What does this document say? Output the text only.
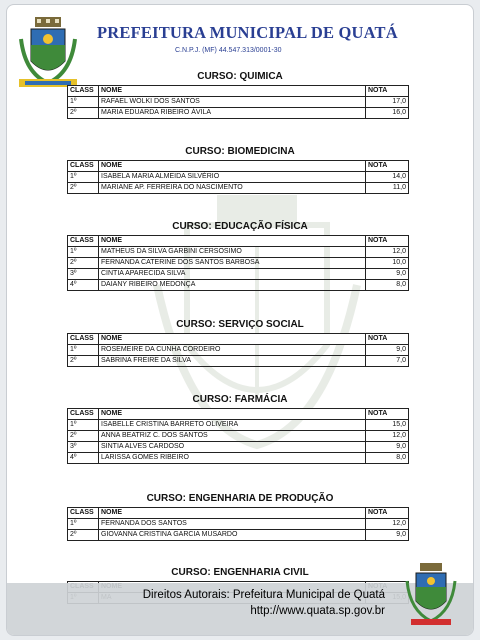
PREFEITURA MUNICIPAL DE QUATÁ
C.N.P.J. (MF) 44.547.313/0001-30
CURSO: QUIMICA
CLASS	NOME	NOTA
1º	RAFAEL WOLKI DOS SANTOS	17,0
2º	MARIA EDUARDA RIBEIRO ÁVILA	16,0
CURSO: BIOMEDICINA
CLASS	NOME	NOTA
1º	ISABELA MARIA ALMEIDA SILVÉRIO	14,0
2º	MARIANE AP. FERREIRA DO NASCIMENTO	11,0
CURSO: EDUCAÇÃO FÍSICA
CLASS	NOME	NOTA
1º	MATHEUS DA SILVA GARBINI CERSOSIMO	12,0
2º	FERNANDA CATERINE DOS SANTOS BARBOSA	10,0
3º	CINTIA APARECIDA SILVA	9,0
4º	DAIANY RIBEIRO MEDONÇA	8,0
CURSO: SERVIÇO SOCIAL
CLASS	NOME	NOTA
1º	ROSEMEIRE DA CUNHA CORDEIRO	9,0
2º	SABRINA FREIRE DA SILVA	7,0
CURSO: FARMÁCIA
CLASS	NOME	NOTA
1º	ISABELLE CRISTINA BARRETO OLIVEIRA	15,0
2º	ANNA BEATRIZ C. DOS SANTOS	12,0
3º	SINTIA ALVES CARDOSO	9,0
4º	LARISSA GOMES RIBEIRO	8,0
CURSO: ENGENHARIA DE PRODUÇÃO
CLASS	NOME	NOTA
1º	FERNANDA DOS SANTOS	12,0
2º	GIOVANNA CRISTINA GARCIA MUSARDO	9,0
CURSO: ENGENHARIA CIVIL

Direitos Autorais: Prefeitura Municipal de Quatá
http://www.quata.sp.gov.br
